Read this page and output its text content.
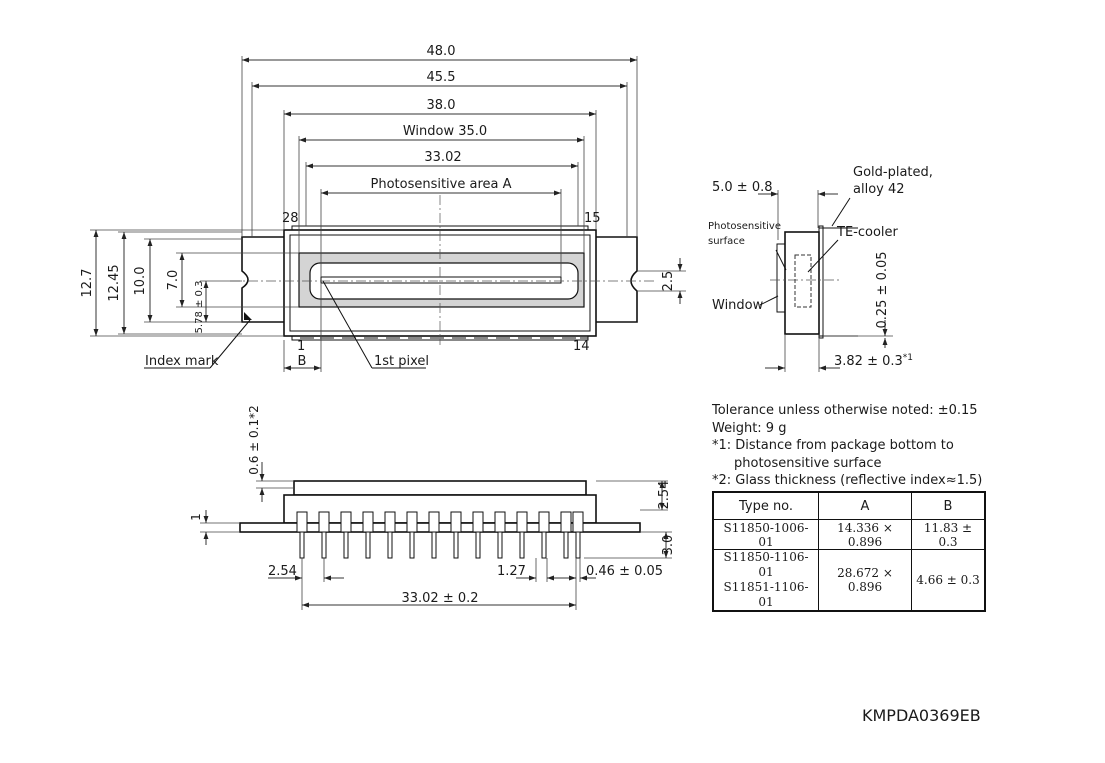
48.0
45.5
38.0
Window 35.0
33.02
Photosensitive area A
12.7 12.45 10.0 7.0
5.78 ± 0.3	2.5
28	15
1	14
B
Index mark	1st pixel
5.0 ± 0.8
Gold-plated,
alloy 42
Photosensitive
surface
TE-cooler
Window	0.25 ± 0.05
$3.82 \pm 0.3^{*1}$
0.6 ± 0.1*2
2.54
1
3.0
2.54	1.27	0.46 ± 0.05
33.02 ± 0.2
Tolerance unless otherwise noted: ±0.15
Weight: 9 g
*1: Distance from package bottom to
photosensitive surface
*2: Glass thickness (reflective index≈1.5)
Type no.	A	B
S11850-1006-01	14.336 × 0.896	11.83 ± 0.3
S11850-1106-01
S11851-1106-01	28.672 × 0.896	4.66 ± 0.3
KMPDA0369EB
